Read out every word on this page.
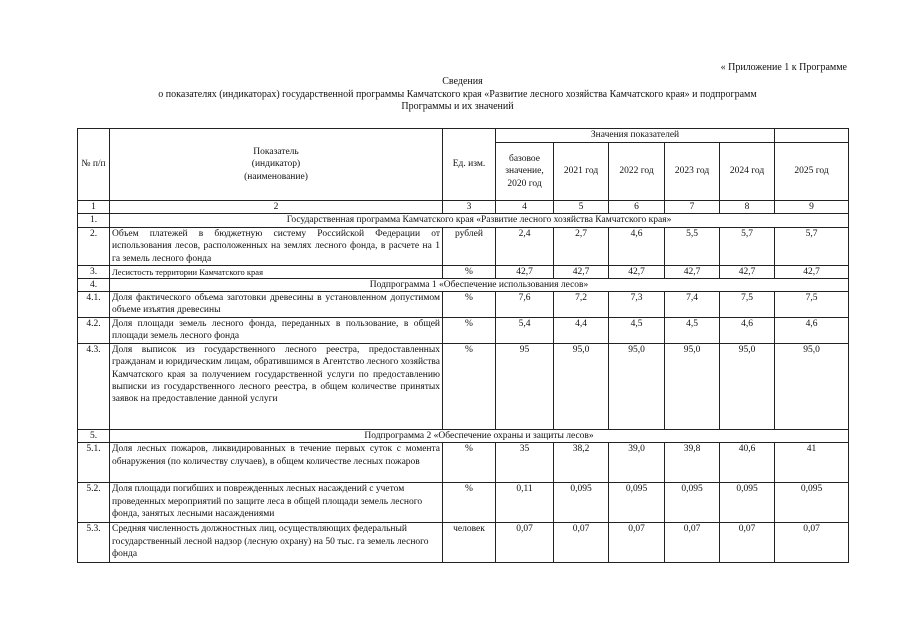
« Приложение 1 к Программе
Сведения
о показателях (индикаторах) государственной программы Камчатского края «Развитие лесного хозяйства Камчатского края» и подпрограмм
Программы и их значений
№ п/п	Показатель (индикатор) (наименование)	Ед. изм.	Значения показателей					
			базовое значение, 2020 год	2021 год	2022 год	2023 год	2024 год	2025 год
1	2	3	4	5	6	7	8	9
1.	Государственная программа Камчатского края «Развитие лесного хозяйства Камчатского края»							
2.	Объем платежей в бюджетную систему Российской Федерации от использования лесов, расположенных на землях лесного фонда, в расчете на 1 га земель лесного фонда	рублей	2,4	2,7	4,6	5,5	5,7	5,7
3.	Лесистость территории Камчатского края	%	42,7	42,7	42,7	42,7	42,7	42,7
4.	Подпрограмма 1 «Обеспечение использования лесов»							
4.1.	Доля фактического объема заготовки древесины в установленном допустимом объеме изъятия древесины	%	7,6	7,2	7,3	7,4	7,5	7,5
4.2.	Доля площади земель лесного фонда, переданных в пользование, в общей площади земель лесного фонда	%	5,4	4,4	4,5	4,5	4,6	4,6
4.3.	Доля выписок из государственного лесного реестра, предоставленных гражданам и юридическим лицам, обратившимся в Агентство лесного хозяйства Камчатского края за получением государственной услуги по предоставлению выписки из государственного лесного реестра, в общем количестве принятых заявок на предоставление данной услуги	%	95	95,0	95,0	95,0	95,0	95,0
5.	Подпрограмма 2 «Обеспечение охраны и защиты лесов»							
5.1.	Доля лесных пожаров, ликвидированных в течение первых суток с момента обнаружения (по количеству случаев), в общем количестве лесных пожаров	%	35	38,2	39,0	39,8	40,6	41
5.2.	Доля площади погибших и поврежденных лесных насаждений с учетом проведенных мероприятий по защите леса в общей площади земель лесного фонда, занятых лесными насаждениями	%	0,11	0,095	0,095	0,095	0,095	0,095
5.3.	Средняя численность должностных лиц, осуществляющих федеральный государственный лесной надзор (лесную охрану) на 50 тыс. га земель лесного фонда	человек	0,07	0,07	0,07	0,07	0,07	0,07
